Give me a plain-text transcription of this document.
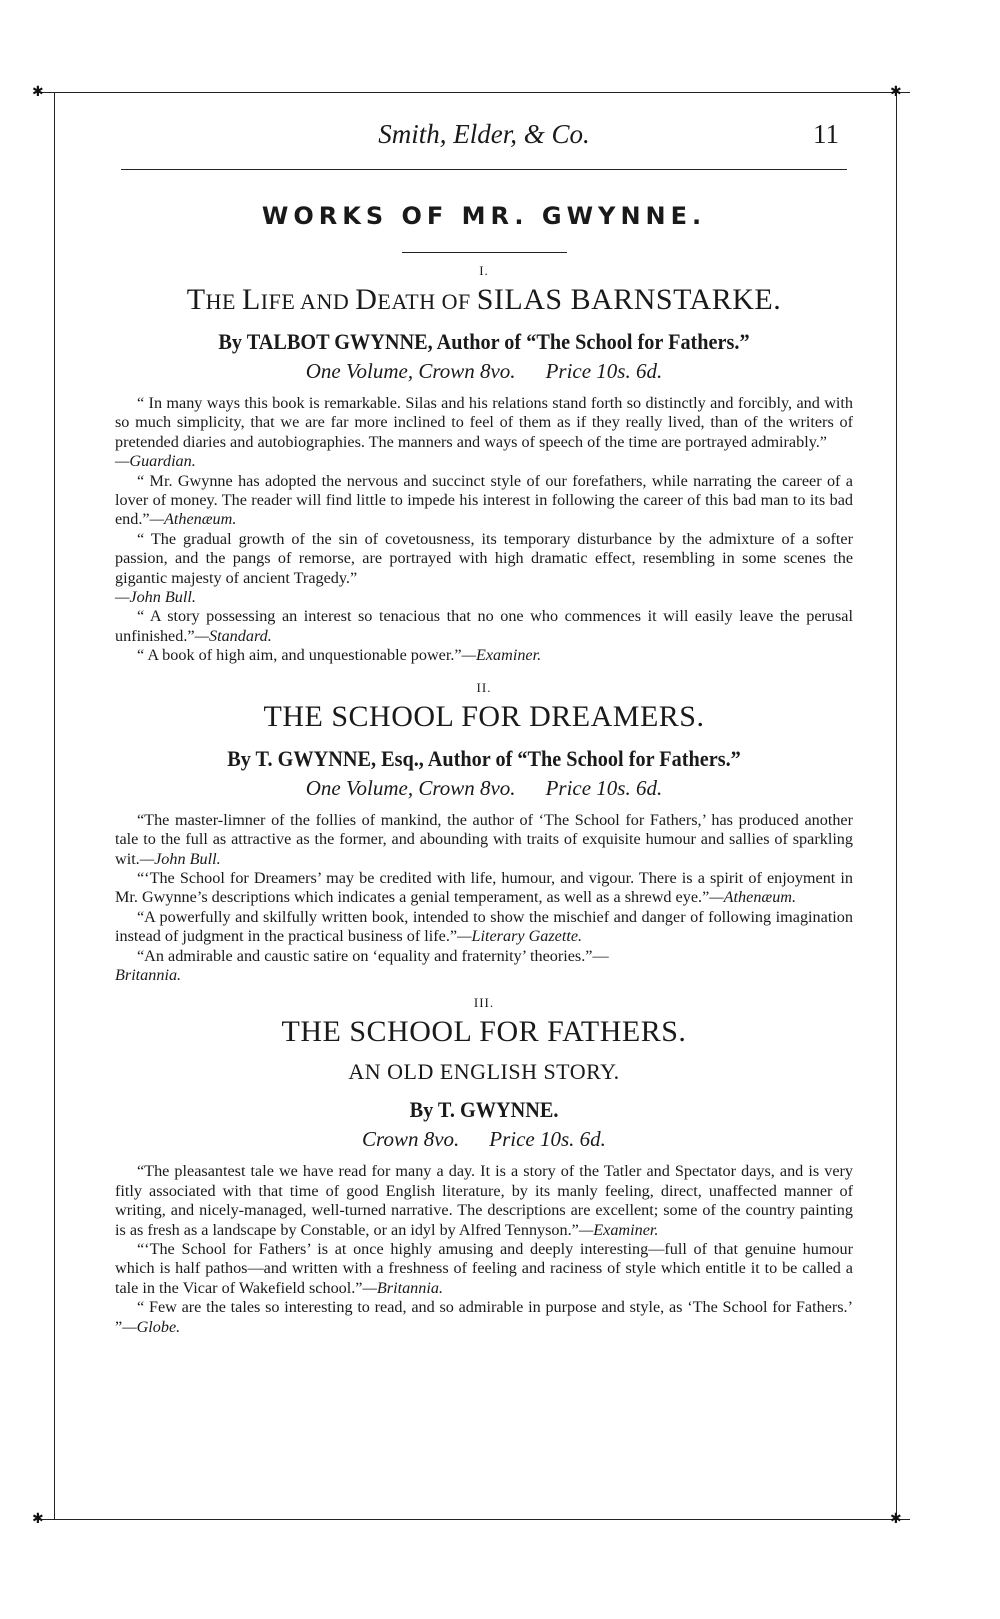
✱	✱
✱	✱
Smith, Elder, & Co.	11
WORKS OF MR. GWYNNE.
I.
THE LIFE AND DEATH OF SILAS BARNSTARKE.
By TALBOT GWYNNE, Author of “The School for Fathers.”
One Volume, Crown 8vo. Price 10s. 6d.

“ In many ways this book is remarkable. Silas and his relations stand forth so distinctly and forcibly, and with so much simplicity, that we are far more inclined to feel of them as if they really lived, than of the writers of pretended diaries and autobiographies. The manners and ways of speech of the time are portrayed admirably.”
—Guardian.

“ Mr. Gwynne has adopted the nervous and succinct style of our forefathers, while narrating the career of a lover of money. The reader will find little to impede his interest in following the career of this bad man to its bad end.”—Athenæum.

“ The gradual growth of the sin of covetousness, its temporary disturbance by the admixture of a softer passion, and the pangs of remorse, are portrayed with high dramatic effect, resembling in some scenes the gigantic majesty of ancient Tragedy.”
—John Bull.

“ A story possessing an interest so tenacious that no one who commences it will easily leave the perusal unfinished.”—Standard.

“ A book of high aim, and unquestionable power.”—Examiner.

II.
THE SCHOOL FOR DREAMERS.
By T. GWYNNE, Esq., Author of “The School for Fathers.”
One Volume, Crown 8vo. Price 10s. 6d.

“The master-limner of the follies of mankind, the author of ‘The School for Fathers,’ has produced another tale to the full as attractive as the former, and abounding with traits of exquisite humour and sallies of sparkling wit.—John Bull.

“‘The School for Dreamers’ may be credited with life, humour, and vigour. There is a spirit of enjoyment in Mr. Gwynne’s descriptions which indicates a genial temperament, as well as a shrewd eye.”—Athenæum.

“A powerfully and skilfully written book, intended to show the mischief and danger of following imagination instead of judgment in the practical business of life.”—Literary Gazette.

“An admirable and caustic satire on ‘equality and fraternity’ theories.”—
Britannia.

III.
THE SCHOOL FOR FATHERS.
AN OLD ENGLISH STORY.
By T. GWYNNE.
Crown 8vo. Price 10s. 6d.

“The pleasantest tale we have read for many a day. It is a story of the Tatler and Spectator days, and is very fitly associated with that time of good English literature, by its manly feeling, direct, unaffected manner of writing, and nicely-managed, well-turned narrative. The descriptions are excellent; some of the country painting is as fresh as a landscape by Constable, or an idyl by Alfred Tennyson.”—Examiner.

“‘The School for Fathers’ is at once highly amusing and deeply interesting—full of that genuine humour which is half pathos—and written with a freshness of feeling and raciness of style which entitle it to be called a tale in the Vicar of Wakefield school.”—Britannia.

“ Few are the tales so interesting to read, and so admirable in purpose and style, as ‘The School for Fathers.’ ”—Globe.
